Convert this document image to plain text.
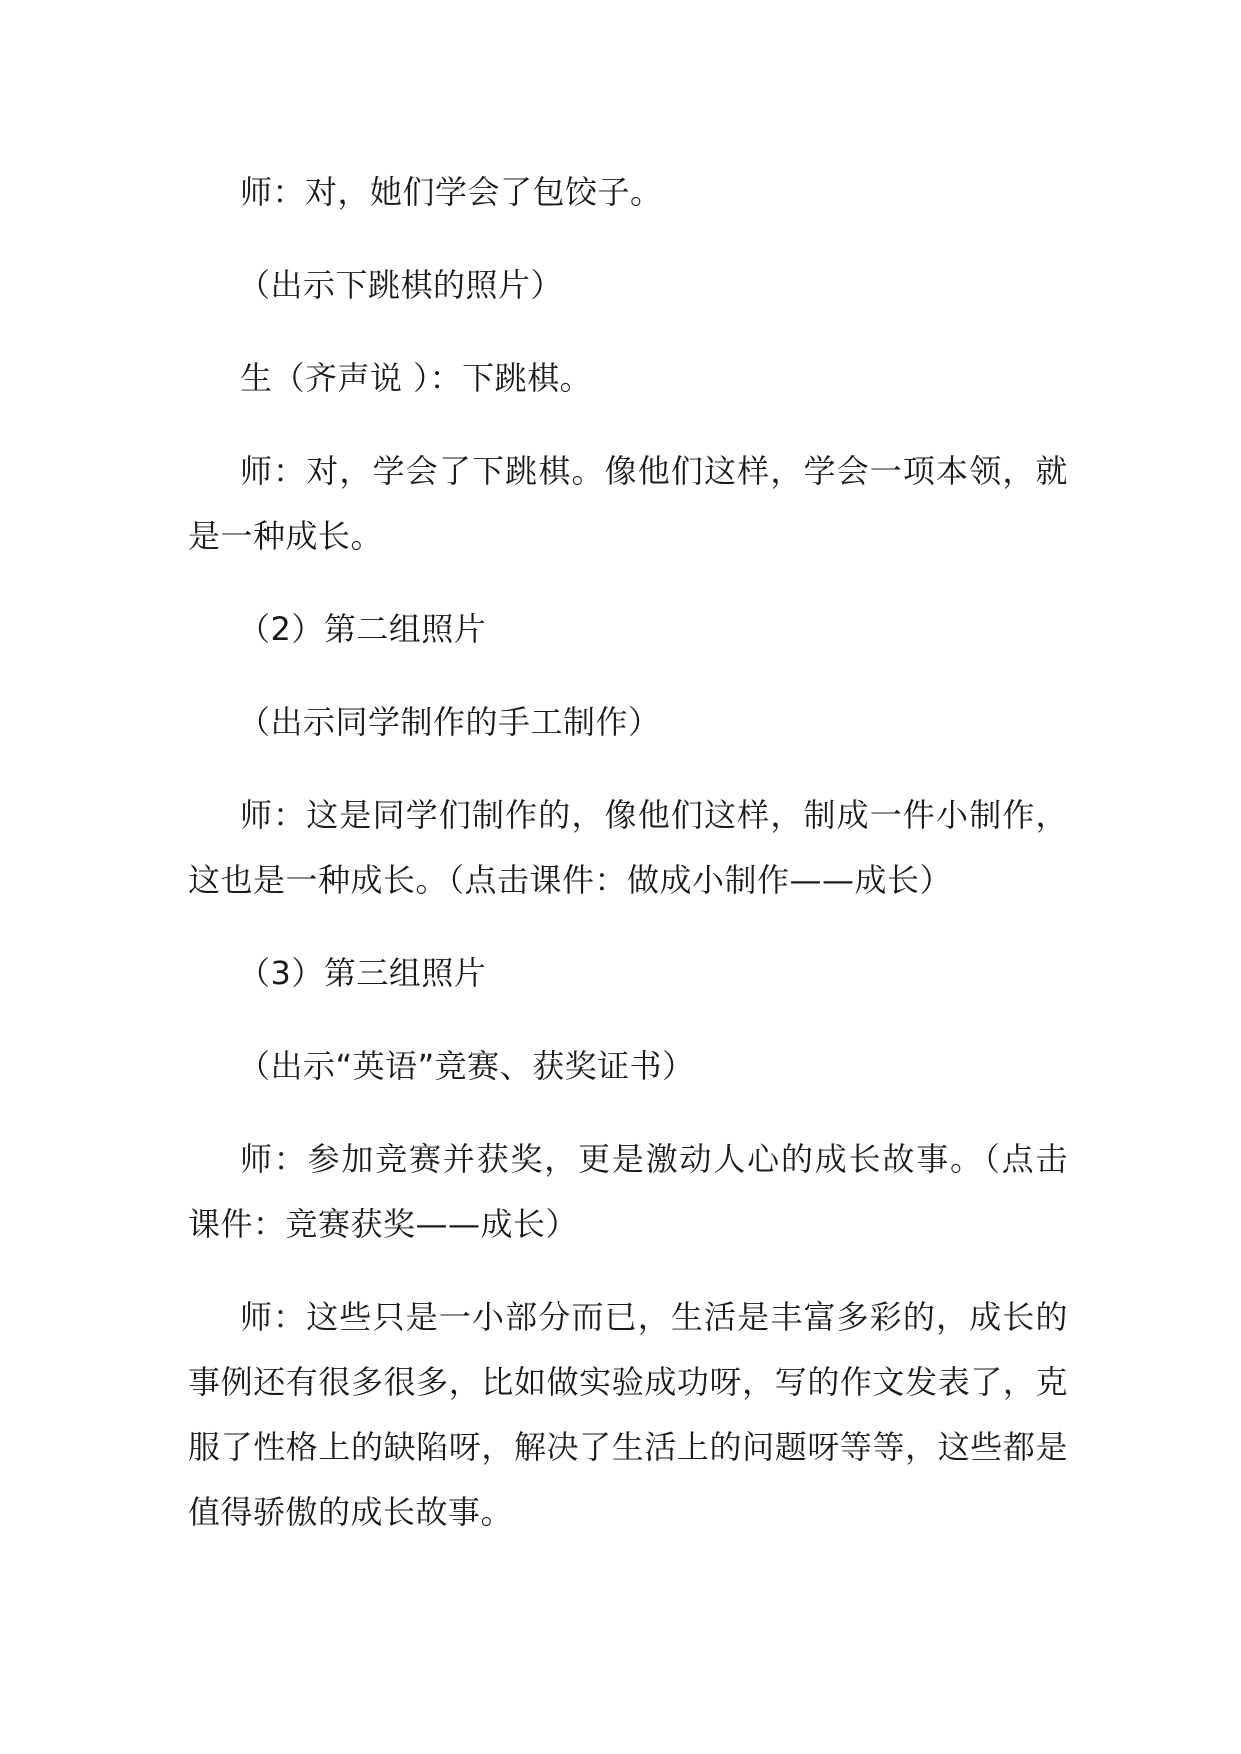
师：对，她们学会了包饺子。

（出示下跳棋的照片）

生（齐声说 ）：下跳棋。

师：对，学会了下跳棋。像他们这样，学会一项本领，就是一种成长。

（2）第二组照片

（出示同学制作的手工制作）

师：这是同学们制作的，像他们这样，制成一件小制作，这也是一种成长。（点击课件：做成小制作——成长）

（3）第三组照片

（出示“英语”竞赛、获奖证书）

师：参加竞赛并获奖，更是激动人心的成长故事。（点击课件：竞赛获奖——成长）

师：这些只是一小部分而已，生活是丰富多彩的，成长的事例还有很多很多，比如做实验成功呀，写的作文发表了，克服了性格上的缺陷呀，解决了生活上的问题呀等等，这些都是值得骄傲的成长故事。
